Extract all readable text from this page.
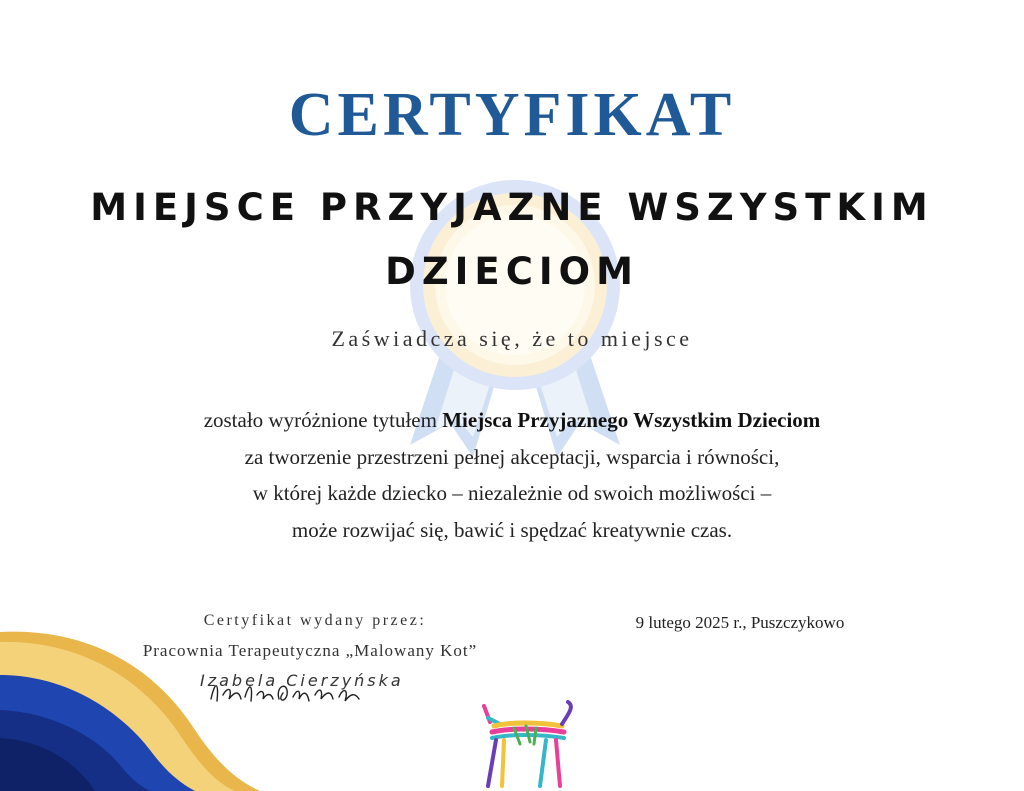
CERTYFIKAT
MIEJSCE PRZYJAZNE WSZYSTKIM DZIECIOM
Zaświadcza się, że to miejsce
zostało wyróżnione tytułem Miejsca Przyjaznego Wszystkim Dzieciom
za tworzenie przestrzeni pełnej akceptacji, wsparcia i równości,
w której każde dziecko – niezależnie od swoich możliwości –
może rozwijać się, bawić i spędzać kreatywnie czas.
Certyfikat wydany przez:
Pracownia Terapeutyczna „Malowany Kot”
Izabela Cierzyńska
9 lutego 2025 r., Puszczykowo
